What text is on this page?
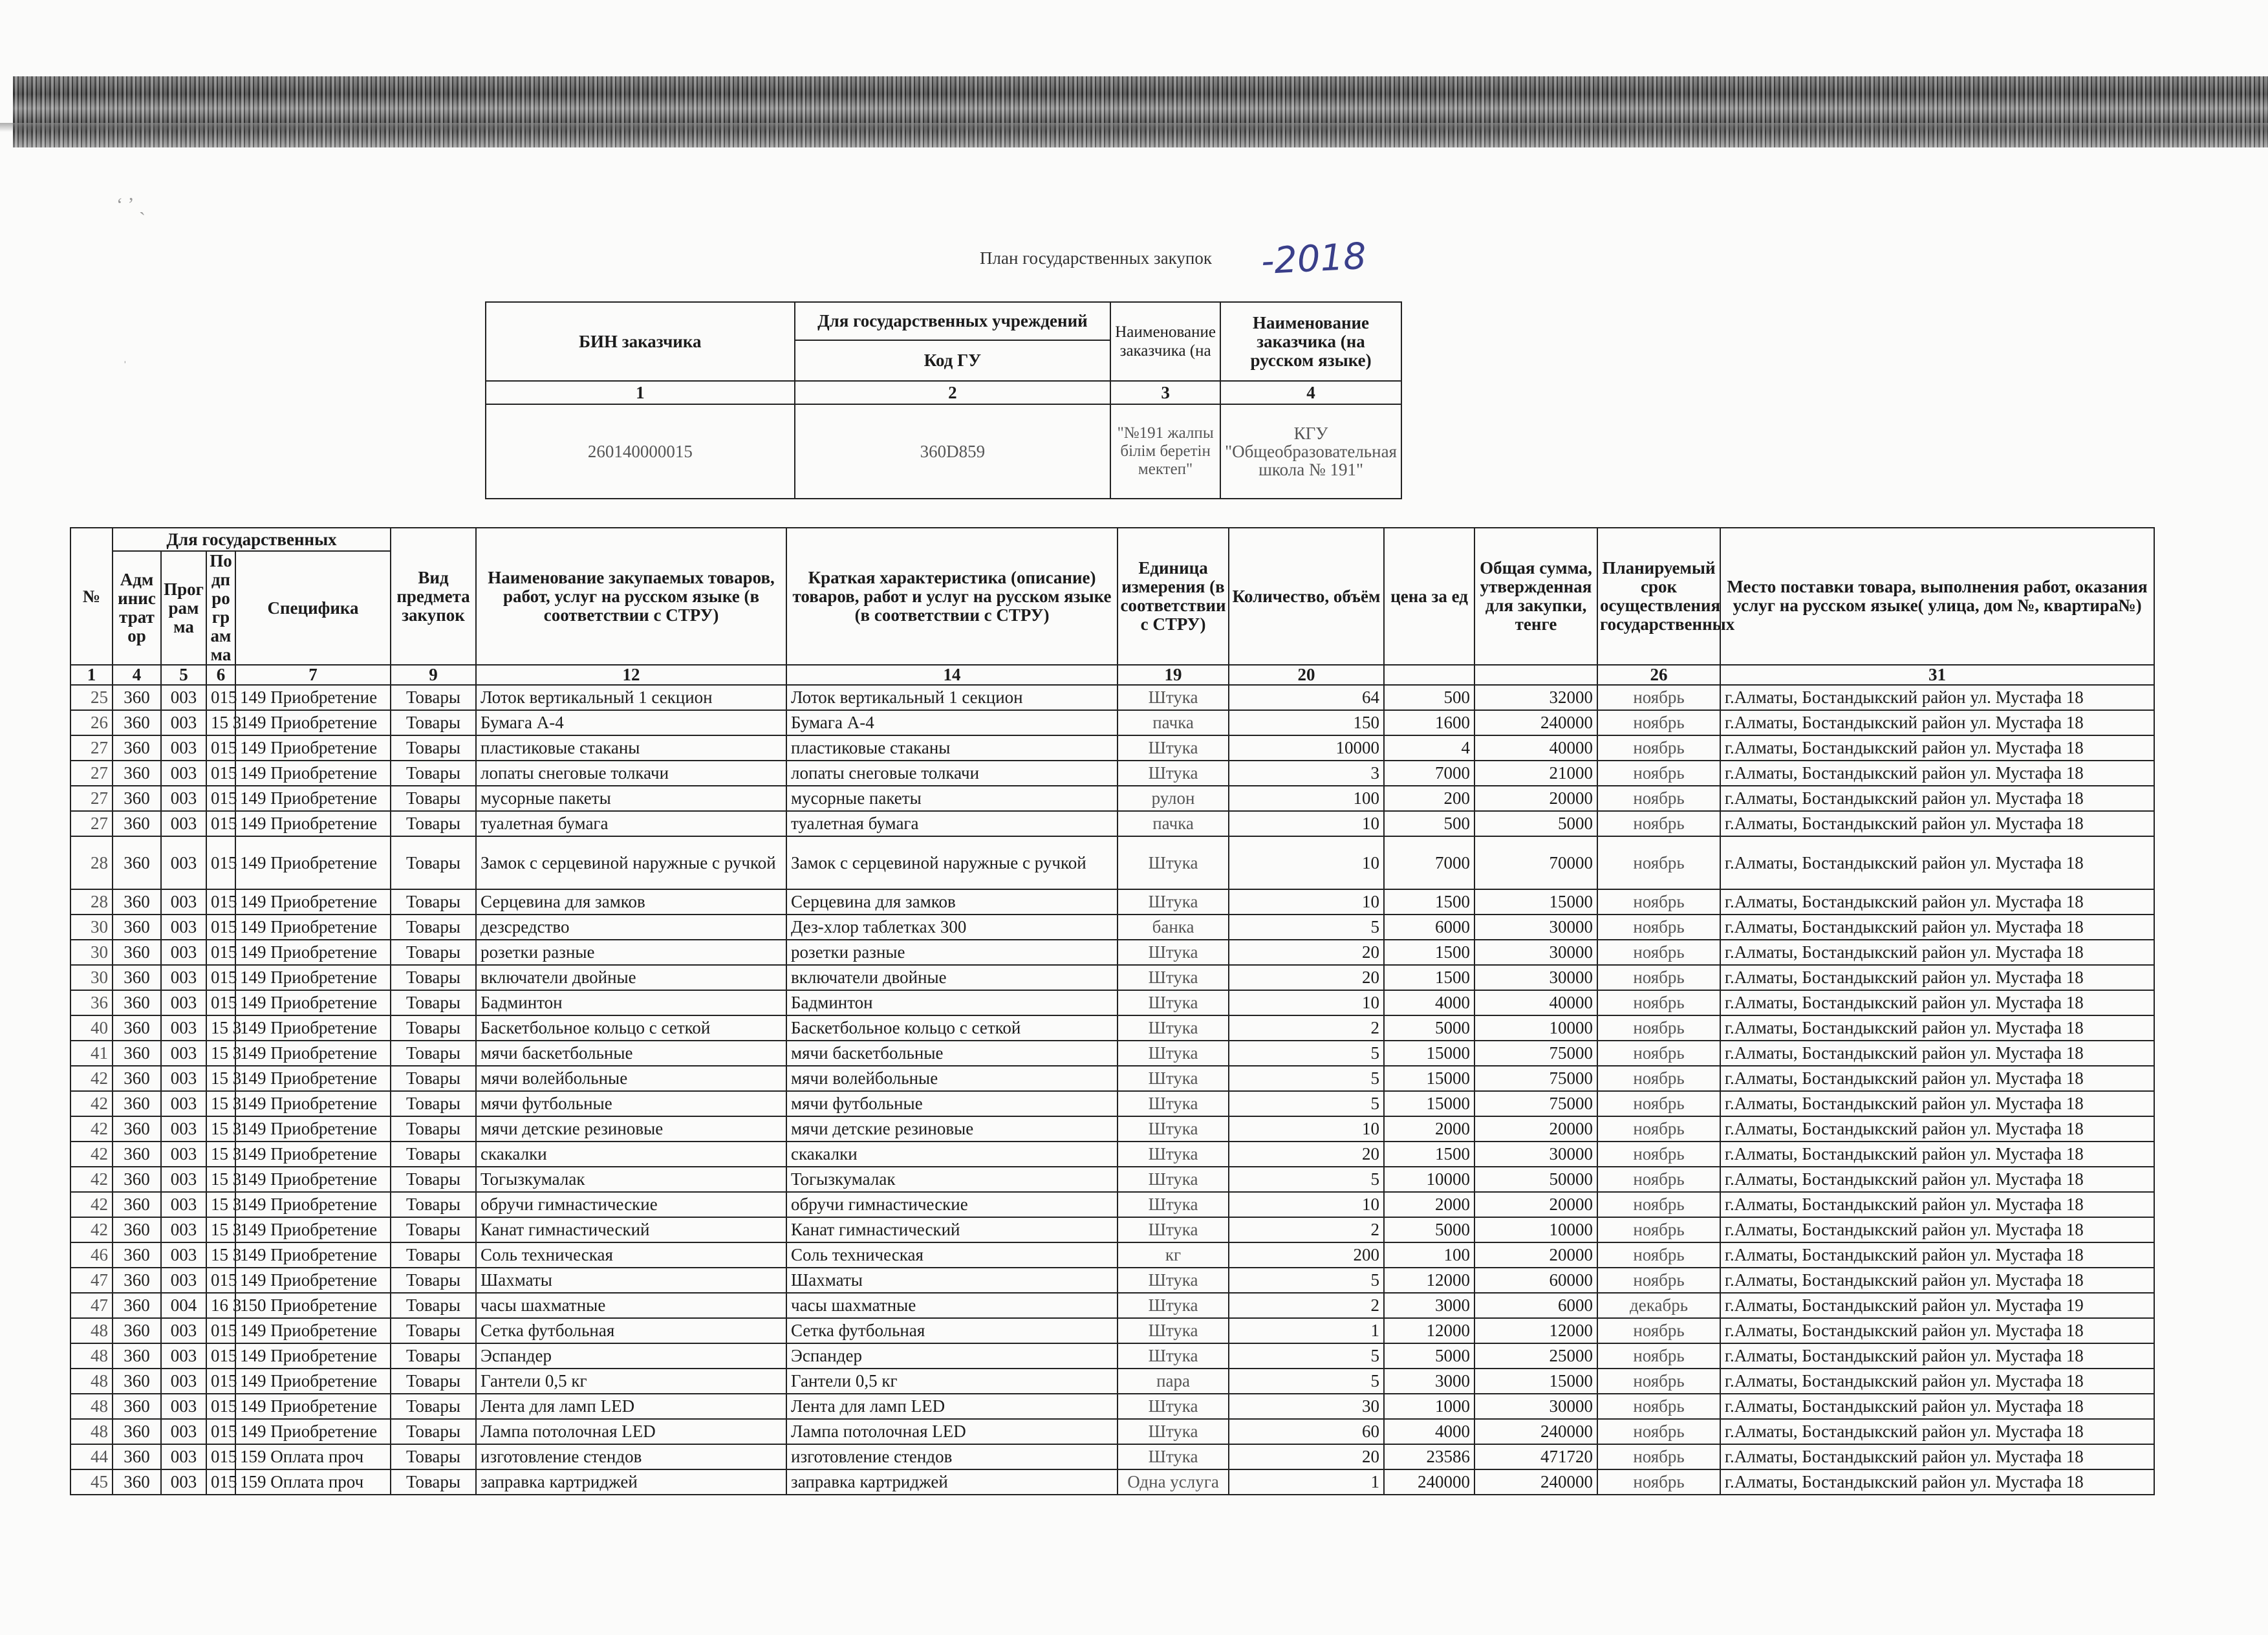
‘ ʼ ˎ
ˌ
План государственных закупок -2018
БИН заказчика	Для государственных учреждений	Наименование заказчика (на	Наименование заказчика (на русском языке)
	Код ГУ		
1	2	3	4
260140000015	360D859	"№191 жалпы білім беретін мектеп"	КГУ "Общеобразовательная школа № 191"
№	Для государственных				Вид предмета закупок	Наименование закупаемых товаров, работ, услуг на русском языке (в соответствии с СТРУ)	Краткая характеристика (описание) товаров, работ и услуг на русском языке (в соответствии с СТРУ)	Единица измерения (в соответствии с СТРУ)	Количество, объём	цена за ед	Общая сумма, утвержденная для закупки, тенге	Планируемый срок осуществления государственных	Место поставки товара, выполнения работ, оказания услуг на русском языке( улица, дом №, квартира№)
	Администратор	Программа	Подпрограмма	Специфика									
1	4	5	6	7	9	12	14	19	20			26	31
25	360	003	015	149 Приобретение	Товары	Лоток вертикальный 1 секцион	Лоток вертикальный 1 секцион	Штука	64	500	32000	ноябрь	г.Алматы, Бостандыкский район ул. Мустафа 18
26	360	003	15 3	149 Приобретение	Товары	Бумага А-4	Бумага А-4	пачка	150	1600	240000	ноябрь	г.Алматы, Бостандыкский район ул. Мустафа 18
27	360	003	015	149 Приобретение	Товары	пластиковые стаканы	пластиковые стаканы	Штука	10000	4	40000	ноябрь	г.Алматы, Бостандыкский район ул. Мустафа 18
27	360	003	015	149 Приобретение	Товары	лопаты снеговые толкачи	лопаты снеговые толкачи	Штука	3	7000	21000	ноябрь	г.Алматы, Бостандыкский район ул. Мустафа 18
27	360	003	015	149 Приобретение	Товары	мусорные пакеты	мусорные пакеты	рулон	100	200	20000	ноябрь	г.Алматы, Бостандыкский район ул. Мустафа 18
27	360	003	015	149 Приобретение	Товары	туалетная бумага	туалетная бумага	пачка	10	500	5000	ноябрь	г.Алматы, Бостандыкский район ул. Мустафа 18
28	360	003	015	149 Приобретение	Товары	Замок с серцевиной наружные с ручкой	Замок с серцевиной наружные с ручкой	Штука	10	7000	70000	ноябрь	г.Алматы, Бостандыкский район ул. Мустафа 18
28	360	003	015	149 Приобретение	Товары	Серцевина для замков	Серцевина для замков	Штука	10	1500	15000	ноябрь	г.Алматы, Бостандыкский район ул. Мустафа 18
30	360	003	015	149 Приобретение	Товары	дезсредство	Дез-хлор таблетках 300	банка	5	6000	30000	ноябрь	г.Алматы, Бостандыкский район ул. Мустафа 18
30	360	003	015	149 Приобретение	Товары	розетки разные	розетки разные	Штука	20	1500	30000	ноябрь	г.Алматы, Бостандыкский район ул. Мустафа 18
30	360	003	015	149 Приобретение	Товары	включатели двойные	включатели двойные	Штука	20	1500	30000	ноябрь	г.Алматы, Бостандыкский район ул. Мустафа 18
36	360	003	015	149 Приобретение	Товары	Бадминтон	Бадминтон	Штука	10	4000	40000	ноябрь	г.Алматы, Бостандыкский район ул. Мустафа 18
40	360	003	15 3	149 Приобретение	Товары	Баскетбольное кольцо с сеткой	Баскетбольное кольцо с сеткой	Штука	2	5000	10000	ноябрь	г.Алматы, Бостандыкский район ул. Мустафа 18
41	360	003	15 3	149 Приобретение	Товары	мячи баскетбольные	мячи баскетбольные	Штука	5	15000	75000	ноябрь	г.Алматы, Бостандыкский район ул. Мустафа 18
42	360	003	15 3	149 Приобретение	Товары	мячи волейбольные	мячи волейбольные	Штука	5	15000	75000	ноябрь	г.Алматы, Бостандыкский район ул. Мустафа 18
42	360	003	15 3	149 Приобретение	Товары	мячи футбольные	мячи футбольные	Штука	5	15000	75000	ноябрь	г.Алматы, Бостандыкский район ул. Мустафа 18
42	360	003	15 3	149 Приобретение	Товары	мячи детские резиновые	мячи детские резиновые	Штука	10	2000	20000	ноябрь	г.Алматы, Бостандыкский район ул. Мустафа 18
42	360	003	15 3	149 Приобретение	Товары	скакалки	скакалки	Штука	20	1500	30000	ноябрь	г.Алматы, Бостандыкский район ул. Мустафа 18
42	360	003	15 3	149 Приобретение	Товары	Тогызкумалак	Тогызкумалак	Штука	5	10000	50000	ноябрь	г.Алматы, Бостандыкский район ул. Мустафа 18
42	360	003	15 3	149 Приобретение	Товары	обручи гимнастические	обручи гимнастические	Штука	10	2000	20000	ноябрь	г.Алматы, Бостандыкский район ул. Мустафа 18
42	360	003	15 3	149 Приобретение	Товары	Канат гимнастический	Канат гимнастический	Штука	2	5000	10000	ноябрь	г.Алматы, Бостандыкский район ул. Мустафа 18
46	360	003	15 3	149 Приобретение	Товары	Соль техническая	Соль техническая	кг	200	100	20000	ноябрь	г.Алматы, Бостандыкский район ул. Мустафа 18
47	360	003	015	149 Приобретение	Товары	Шахматы	Шахматы	Штука	5	12000	60000	ноябрь	г.Алматы, Бостандыкский район ул. Мустафа 18
47	360	004	16 3	150 Приобретение	Товары	часы шахматные	часы шахматные	Штука	2	3000	6000	декабрь	г.Алматы, Бостандыкский район ул. Мустафа 19
48	360	003	015	149 Приобретение	Товары	Сетка футбольная	Сетка футбольная	Штука	1	12000	12000	ноябрь	г.Алматы, Бостандыкский район ул. Мустафа 18
48	360	003	015	149 Приобретение	Товары	Эспандер	Эспандер	Штука	5	5000	25000	ноябрь	г.Алматы, Бостандыкский район ул. Мустафа 18
48	360	003	015	149 Приобретение	Товары	Гантели 0,5 кг	Гантели 0,5 кг	пара	5	3000	15000	ноябрь	г.Алматы, Бостандыкский район ул. Мустафа 18
48	360	003	015	149 Приобретение	Товары	Лента для ламп LED	Лента для ламп LED	Штука	30	1000	30000	ноябрь	г.Алматы, Бостандыкский район ул. Мустафа 18
48	360	003	015	149 Приобретение	Товары	Лампа потолочная LED	Лампа потолочная LED	Штука	60	4000	240000	ноябрь	г.Алматы, Бостандыкский район ул. Мустафа 18
44	360	003	015	159 Оплата проч	Товары	изготовление стендов	изготовление стендов	Штука	20	23586	471720	ноябрь	г.Алматы, Бостандыкский район ул. Мустафа 18
45	360	003	015	159 Оплата проч	Товары	заправка картриджей	заправка картриджей	Одна услуга	1	240000	240000	ноябрь	г.Алматы, Бостандыкский район ул. Мустафа 18
